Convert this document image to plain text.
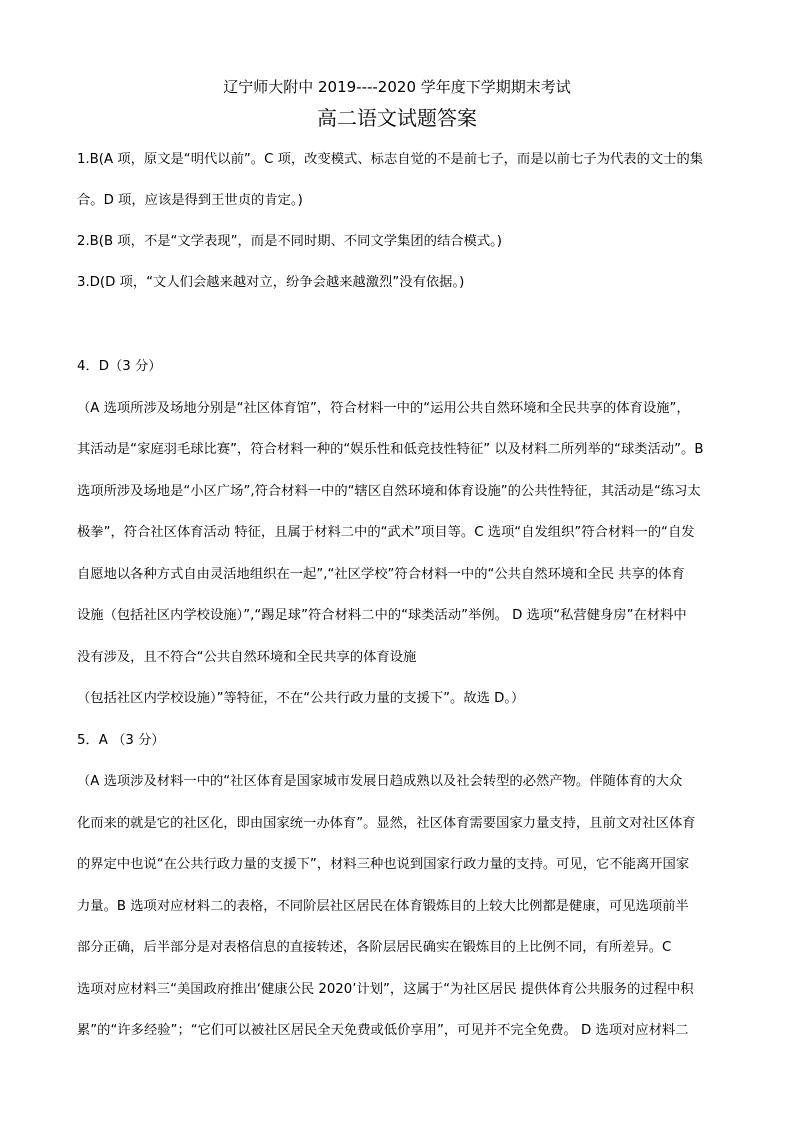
辽宁师大附中 2019----2020 学年度下学期期末考试
高二语文试题答案
1.B(A 项，原文是“明代以前”。C 项，改变模式、标志自觉的不是前七子，而是以前七子为代表的文士的集
合。D 项，应该是得到王世贞的肯定。)
2.B(B 项，不是“文学表现”，而是不同时期、不同文学集团的结合模式。)
3.D(D 项，“文人们会越来越对立，纷争会越来越激烈”没有依据。)
4．D（3 分）
（A 选项所涉及场地分别是“社区体育馆”，符合材料一中的“运用公共自然环境和全民共享的体育设施”，
其活动是“家庭羽毛球比赛”，符合材料一种的“娱乐性和低竞技性特征” 以及材料二所列举的“球类活动”。B
选项所涉及场地是“小区广场”,符合材料一中的“辖区自然环境和体育设施”的公共性特征，其活动是“练习太
极拳”，符合社区体育活动 特征，且属于材料二中的“武术”项目等。C 选项“自发组织”符合材料一的“自发
自愿地以各种方式自由灵活地组织在一起”,“社区学校”符合材料一中的“公共自然环境和全民 共享的体育
设施（包括社区内学校设施）”,“踢足球”符合材料二中的“球类活动”举例。 D 选项“私营健身房”在材料中
没有涉及，且不符合“公共自然环境和全民共享的体育设施
（包括社区内学校设施）”等特征，不在“公共行政力量的支援下”。故选 D。）
5．A （3 分）
（A 选项涉及材料一中的“社区体育是国家城市发展日趋成熟以及社会转型的必然产物。伴随体育的大众
化而来的就是它的社区化，即由国家统一办体育”。显然，社区体育需要国家力量支持，且前文对社区体育
的界定中也说“在公共行政力量的支援下”，材料三种也说到国家行政力量的支持。可见，它不能离开国家
力量。B 选项对应材料二的表格，不同阶层社区居民在体育锻炼目的上较大比例都是健康，可见选项前半
部分正确，后半部分是对表格信息的直接转述，各阶层居民确实在锻炼目的上比例不同，有所差异。C
选项对应材料三“美国政府推出‘健康公民 2020’计划”，这属于“为社区居民 提供体育公共服务的过程中积
累”的“许多经验”；“它们可以被社区居民全天免费或低价享用”，可见并不完全免费。 D 选项对应材料二
